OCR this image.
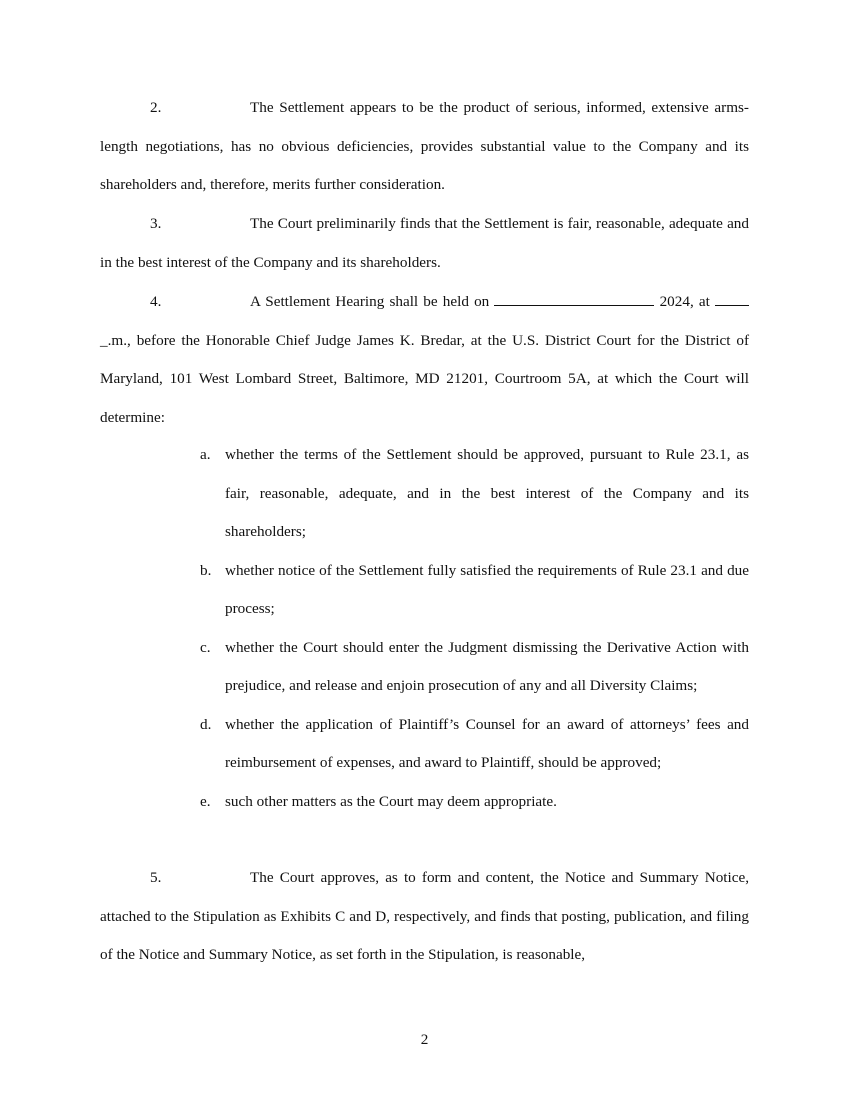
2.	The Settlement appears to be the product of serious, informed, extensive arms-length negotiations, has no obvious deficiencies, provides substantial value to the Company and its shareholders and, therefore, merits further consideration.
3.	The Court preliminarily finds that the Settlement is fair, reasonable, adequate and in the best interest of the Company and its shareholders.
4.	A Settlement Hearing shall be held on	2024, at  _.m., before the Honorable Chief Judge James K. Bredar, at the U.S. District Court for the District of Maryland, 101 West Lombard Street, Baltimore, MD 21201, Courtroom 5A, at which the Court will determine:
a. whether the terms of the Settlement should be approved, pursuant to Rule 23.1, as fair, reasonable, adequate, and in the best interest of the Company and its shareholders;
b. whether notice of the Settlement fully satisfied the requirements of Rule 23.1 and due process;
c. whether the Court should enter the Judgment dismissing the Derivative Action with prejudice, and release and enjoin prosecution of any and all Diversity Claims;
d. whether the application of Plaintiff’s Counsel for an award of attorneys’ fees and reimbursement of expenses, and award to Plaintiff, should be approved;
e. such other matters as the Court may deem appropriate.
5.	The Court approves, as to form and content, the Notice and Summary Notice, attached to the Stipulation as Exhibits C and D, respectively, and finds that posting, publication, and filing of the Notice and Summary Notice, as set forth in the Stipulation, is reasonable,
2
